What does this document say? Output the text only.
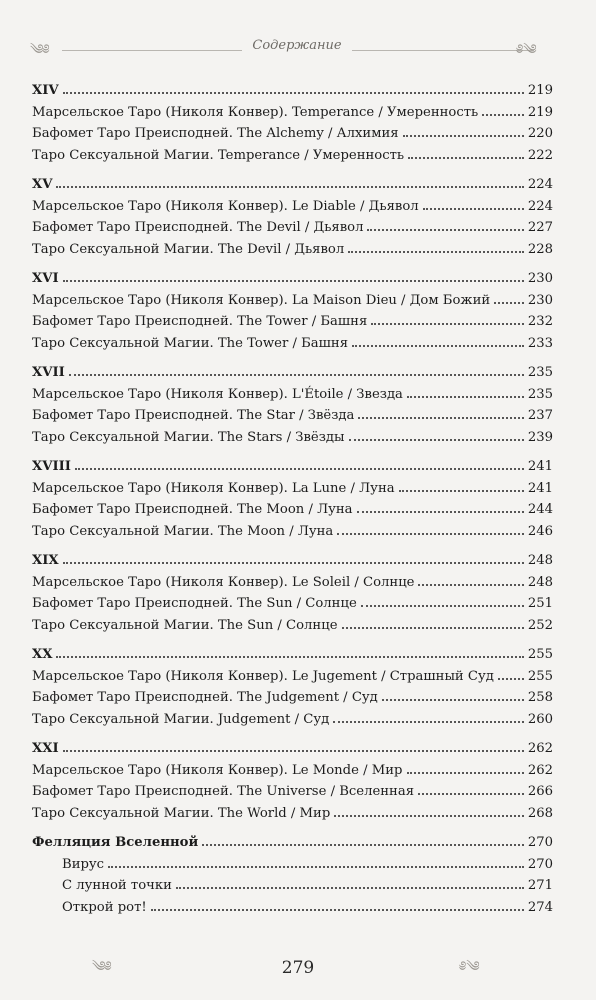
༄༅	Содержание	༅༄
XIV	219
Марсельское Таро (Николя Конвер). Temperance / Умеренность	219
Бафомет Таро Преисподней. The Alchemy / Алхимия	220
Таро Сексуальной Магии. Temperance / Умеренность	222
XV	224
Марсельское Таро (Николя Конвер). Le Diable / Дьявол	224
Бафомет Таро Преисподней. The Devil / Дьявол	227
Таро Сексуальной Магии. The Devil / Дьявол	228
XVI	230
Марсельское Таро (Николя Конвер). La Maison Dieu / Дом Божий	230
Бафомет Таро Преисподней. The Tower / Башня	232
Таро Сексуальной Магии. The Tower / Башня	233
XVII	235
Марсельское Таро (Николя Конвер). L'Étoile / Звезда	235
Бафомет Таро Преисподней. The Star / Звёзда	237
Таро Сексуальной Магии. The Stars / Звёзды	239
XVIII	241
Марсельское Таро (Николя Конвер). La Lune / Луна	241
Бафомет Таро Преисподней. The Moon / Луна	244
Таро Сексуальной Магии. The Moon / Луна	246
XIX	248
Марсельское Таро (Николя Конвер). Le Soleil / Солнце	248
Бафомет Таро Преисподней. The Sun / Солнце	251
Таро Сексуальной Магии. The Sun / Солнце	252
XX	255
Марсельское Таро (Николя Конвер). Le Jugement / Страшный Суд	255
Бафомет Таро Преисподней. The Judgement / Суд	258
Таро Сексуальной Магии. Judgement / Суд	260
XXI	262
Марсельское Таро (Николя Конвер). Le Monde / Мир	262
Бафомет Таро Преисподней. The Universe / Вселенная	266
Таро Сексуальной Магии. The World / Мир	268
Фелляция Вселенной	270
Вирус	270
С лунной точки	271
Открой рот!	274
༄༅	279	༅༄
